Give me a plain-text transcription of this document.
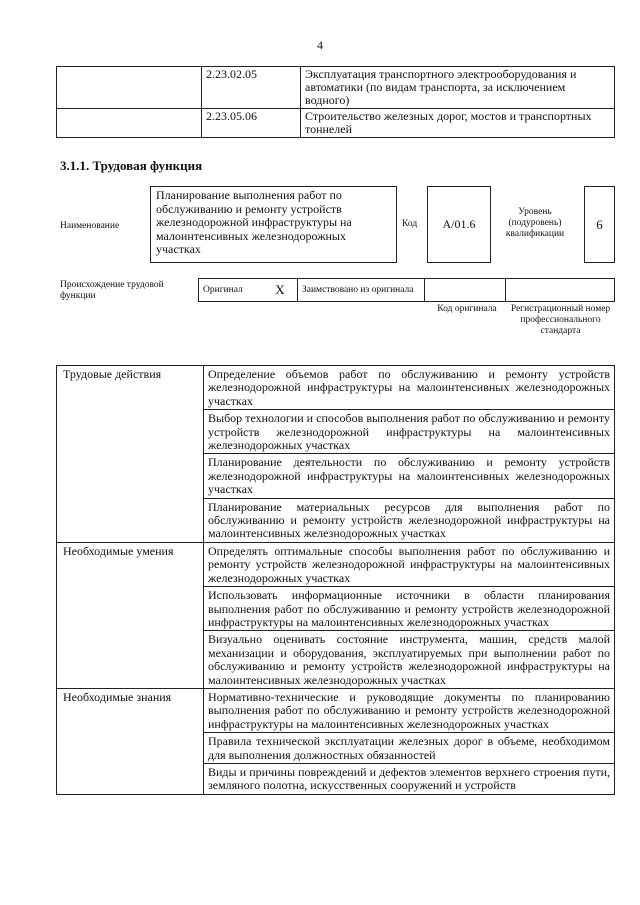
4
	2.23.02.05	Эксплуатация транспортного электрооборудования и автоматики (по видам транспорта, за исключением водного)
	2.23.05.06	Строительство железных дорог, мостов и транспортных тоннелей
3.1.1. Трудовая функция
Наименование
Планирование выполнения работ по обслуживанию и ремонту устройств железнодорожной инфраструктуры на малоинтенсивных железнодорожных участках
Код A/01.6
Уровень (подуровень) квалификации
6
Происхождение трудовой функции
Оригинал	X	Заимствовано из оригинала		
Код оригинала	Регистрационный номер профессионального стандарта
Трудовые действия	Определение объемов работ по обслуживанию и ремонту устройств железнодорожной инфраструктуры на малоинтенсивных железнодорожных участках
	Выбор технологии и способов выполнения работ по обслуживанию и ремонту устройств железнодорожной инфраструктуры на малоинтенсивных железнодорожных участках
	Планирование деятельности по обслуживанию и ремонту устройств железнодорожной инфраструктуры на малоинтенсивных железнодорожных участках
	Планирование материальных ресурсов для выполнения работ по обслуживанию и ремонту устройств железнодорожной инфраструктуры на малоинтенсивных железнодорожных участках
Необходимые умения	Определять оптимальные способы выполнения работ по обслуживанию и ремонту устройств железнодорожной инфраструктуры на малоинтенсивных железнодорожных участках
	Использовать информационные источники в области планирования выполнения работ по обслуживанию и ремонту устройств железнодорожной инфраструктуры на малоинтенсивных железнодорожных участках
	Визуально оценивать состояние инструмента, машин, средств малой механизации и оборудования, эксплуатируемых при выполнении работ по обслуживанию и ремонту устройств железнодорожной инфраструктуры на малоинтенсивных железнодорожных участках
Необходимые знания	Нормативно-технические и руководящие документы по планированию выполнения работ по обслуживанию и ремонту устройств железнодорожной инфраструктуры на малоинтенсивных железнодорожных участках
	Правила технической эксплуатации железных дорог в объеме, необходимом для выполнения должностных обязанностей
	Виды и причины повреждений и дефектов элементов верхнего строения пути, земляного полотна, искусственных сооружений и устройств
